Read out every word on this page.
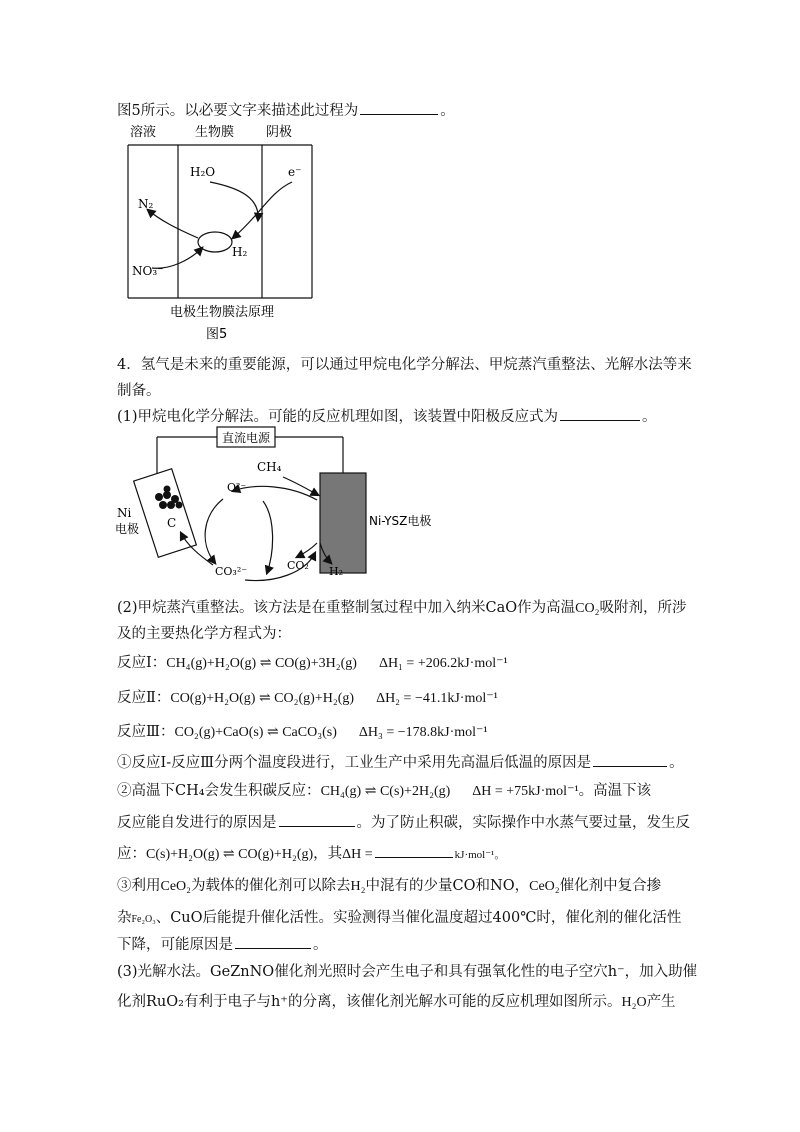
图5所示。以必要文字来描述此过程为	。
溶液	生物膜 阴极
H₂O	e⁻
N₂
NO₃⁻
H₂
电极生物膜法原理
图5
4．氢气是未来的重要能源，可以通过甲烷电化学分解法、甲烷蒸汽重整法、光解水法等来
制备。
(1)甲烷电化学分解法。可能的反应机理如图，该装置中阳极反应式为	。
直流电源
C
Ni
电极
Ni-YSZ电极
CH₄
O²⁻
CO₃²⁻	CO₂ H₂
(2)甲烷蒸汽重整法。该方法是在重整制氢过程中加入纳米CaO作为高温CO₂吸附剂，所涉
及的主要热化学方程式为：
反应Ⅰ：CH₄(g)+H₂O(g) ⇌ CO(g)+3H₂(g) ΔH₁ = +206.2kJ·mol⁻¹
反应Ⅱ：CO(g)+H₂O(g) ⇌ CO₂(g)+H₂(g) ΔH₂ = −41.1kJ·mol⁻¹
反应Ⅲ：CO₂(g)+CaO(s) ⇌ CaCO₃(s) ΔH₃ = −178.8kJ·mol⁻¹
①反应Ⅰ-反应Ⅲ分两个温度段进行，工业生产中采用先高温后低温的原因是	。
②高温下CH₄会发生积碳反应：CH₄(g) ⇌ C(s)+2H₂(g) ΔH = +75kJ·mol⁻¹。高温下该
反应能自发进行的原因是	。为了防止积碳，实际操作中水蒸气要过量，发生反
应：C(s)+H₂O(g) ⇌ CO(g)+H₂(g)，其ΔH =	kJ·mol⁻¹。
③利用CeO₂为载体的催化剂可以除去H₂中混有的少量CO和NO，CeO₂催化剂中复合掺
杂Fe₂O₃、CuO后能提升催化活性。实验测得当催化温度超过400℃时，催化剂的催化活性
下降，可能原因是	。
(3)光解水法。GeZnNO催化剂光照时会产生电子和具有强氧化性的电子空穴h⁻，加入助催
化剂RuO₂有利于电子与h⁺的分离，该催化剂光解水可能的反应机理如图所示。H₂O产生
